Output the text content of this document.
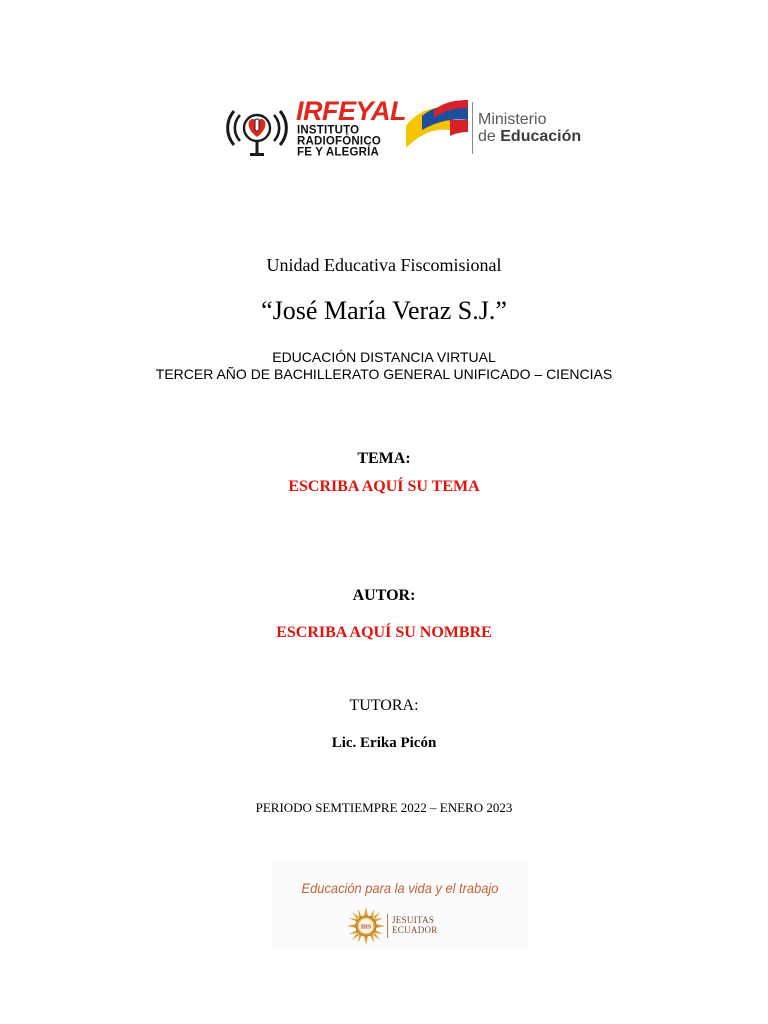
IRFEYAL
INSTITUTO
RADIOFÓNICO
FE Y ALEGRÍA
Ministerio
de Educación
Unidad Educativa Fiscomisional
“José María Veraz S.J.”
EDUCACIÓN DISTANCIA VIRTUAL
TERCER AÑO DE BACHILLERATO GENERAL UNIFICADO – CIENCIAS
TEMA:
ESCRIBA AQUÍ SU TEMA
AUTOR:
ESCRIBA AQUÍ SU NOMBRE
TUTORA:
Lic. Erika Picón
PERIODO SEMTIEMPRE 2022 – ENERO 2023
Educación para la vida y el trabajo
IHS
JESUITAS
ECUADOR
